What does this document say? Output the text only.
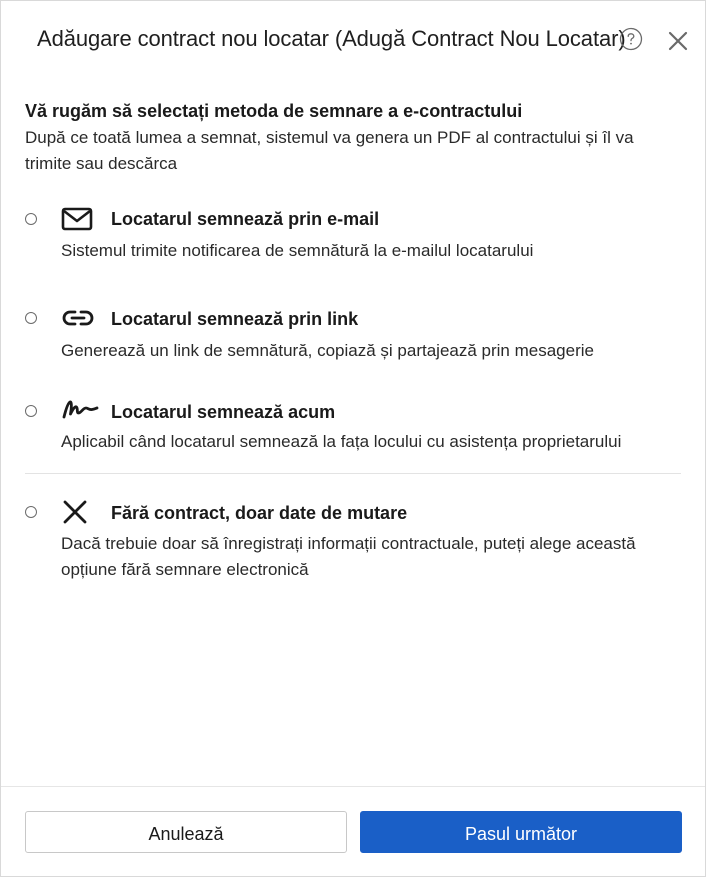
Adăugare contract nou locatar (Adugă Contract Nou Locatar)
Vă rugăm să selectați metoda de semnare a e-contractului
După ce toată lumea a semnat, sistemul va genera un PDF al contractului și îl va trimite sau descărca
Locatarul semnează prin e-mail
Sistemul trimite notificarea de semnătură la e-mailul locatarului
Locatarul semnează prin link
Generează un link de semnătură, copiază și partajează prin mesagerie
Locatarul semnează acum
Aplicabil când locatarul semnează la fața locului cu asistența proprietarului
Fără contract, doar date de mutare
Dacă trebuie doar să înregistrați informații contractuale, puteți alege această opțiune fără semnare electronică
Anulează	Pasul următor
